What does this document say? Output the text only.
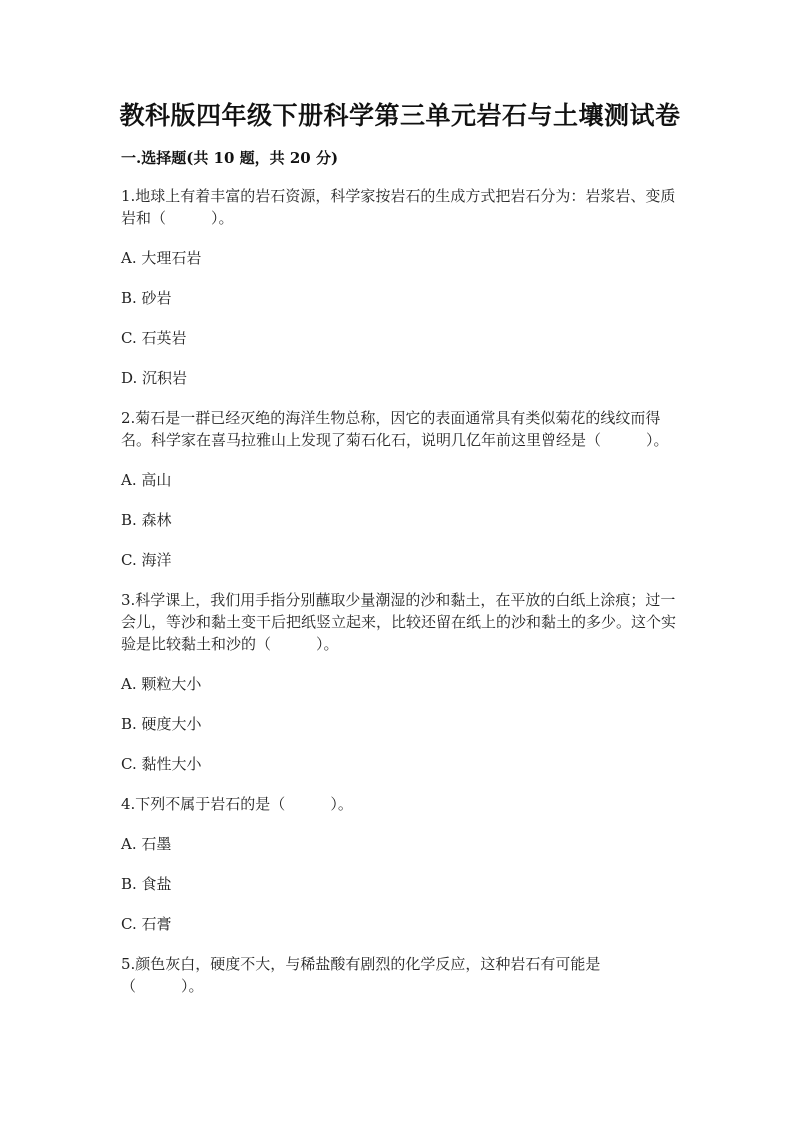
教科版四年级下册科学第三单元岩石与土壤测试卷
一.选择题(共 10 题，共 20 分)

1.地球上有着丰富的岩石资源，科学家按岩石的生成方式把岩石分为：岩浆岩、变质岩和（　　　）。

A. 大理石岩

B. 砂岩

C. 石英岩

D. 沉积岩

2.菊石是一群已经灭绝的海洋生物总称，因它的表面通常具有类似菊花的线纹而得名。科学家在喜马拉雅山上发现了菊石化石，说明几亿年前这里曾经是（　　　）。

A. 高山

B. 森林

C. 海洋

3.科学课上，我们用手指分别蘸取少量潮湿的沙和黏土，在平放的白纸上涂痕；过一会儿，等沙和黏土变干后把纸竖立起来，比较还留在纸上的沙和黏土的多少。这个实验是比较黏土和沙的（　　　）。

A. 颗粒大小

B. 硬度大小

C. 黏性大小

4.下列不属于岩石的是（　　　）。

A. 石墨

B. 食盐

C. 石膏

5.颜色灰白，硬度不大，与稀盐酸有剧烈的化学反应，这种岩石有可能是（　　　）。
